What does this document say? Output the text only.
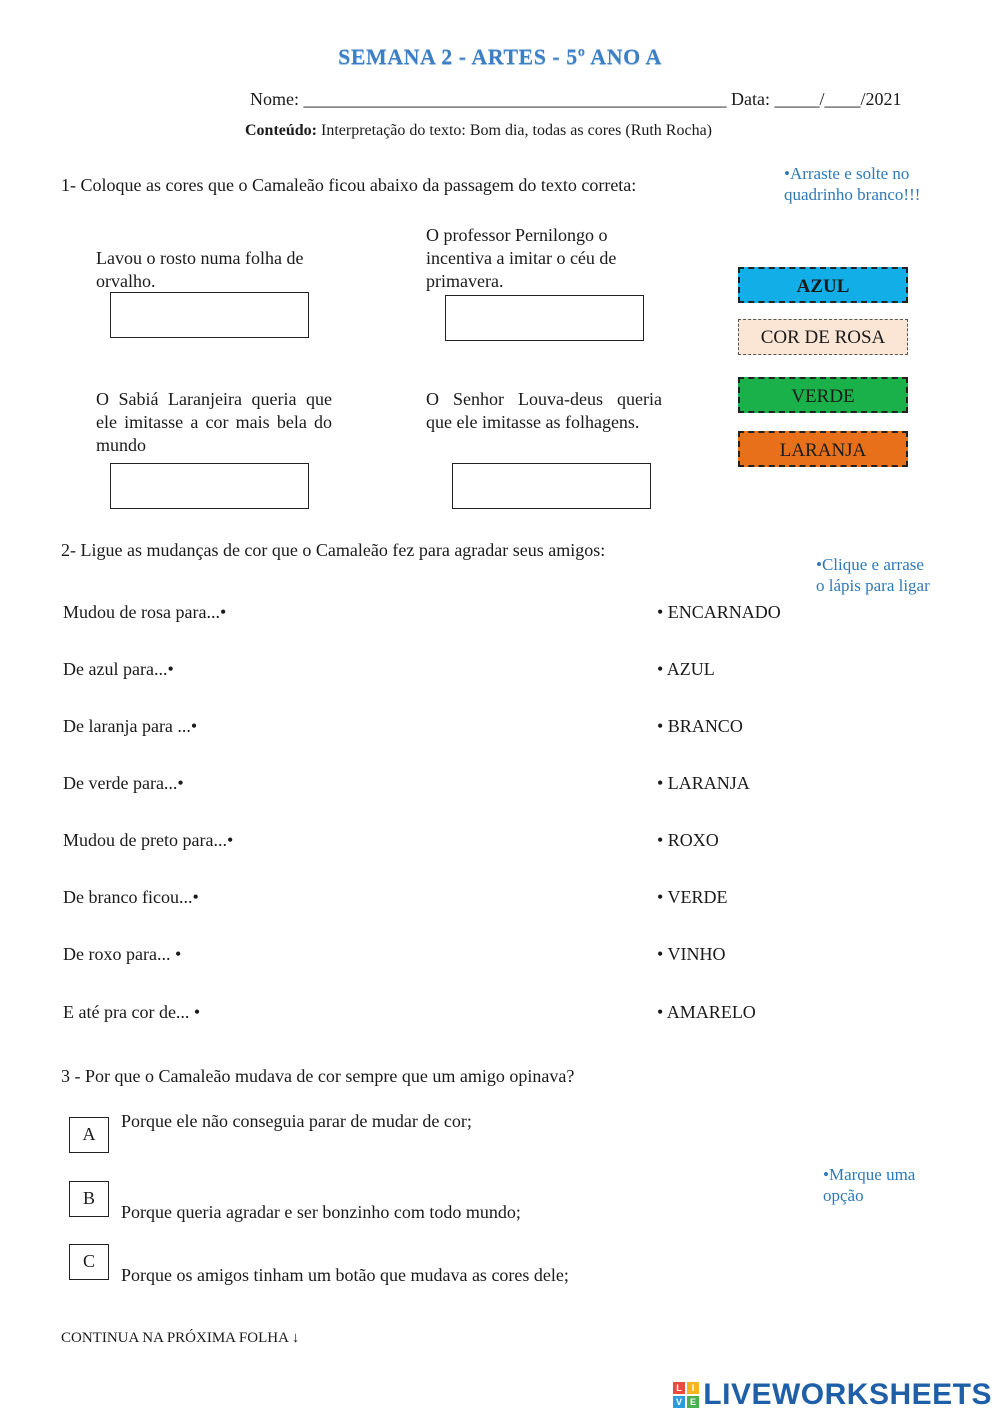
SEMANA 2 - ARTES - 5º ANO A
Nome: _______________________________________________ Data: _____/____/2021
Conteúdo: Interpretação do texto: Bom dia, todas as cores (Ruth Rocha)
1- Coloque as cores que o Camaleão ficou abaixo da passagem do texto correta:
•Arraste e solte no quadrinho branco!!!
Lavou o rosto numa folha de orvalho.
O professor Pernilongo o incentiva a imitar o céu de primavera.
O Sabiá Laranjeira queria que ele imitasse a cor mais bela do mundo
O Senhor Louva-deus queria que ele imitasse as folhagens.
AZUL
COR DE ROSA
VERDE
LARANJA
2- Ligue as mudanças de cor que o Camaleão fez para agradar seus amigos:
•Clique e arrase o lápis para ligar
Mudou de rosa para...•
De azul para...•
De laranja para ...•
De verde para...•
Mudou de preto para...•
De branco ficou...•
De roxo para... •
E até pra cor de... •
• ENCARNADO
• AZUL
• BRANCO
• LARANJA
• ROXO
• VERDE
• VINHO
• AMARELO
3 - Por que o Camaleão mudava de cor sempre que um amigo opinava?
•Marque uma opção
A
Porque ele não conseguia parar de mudar de cor;
B
Porque queria agradar e ser bonzinho com todo mundo;
C
Porque os amigos tinham um botão que mudava as cores dele;
CONTINUA NA PRÓXIMA FOLHA ↓
L	I
V E LIVEWORKSHEETS
